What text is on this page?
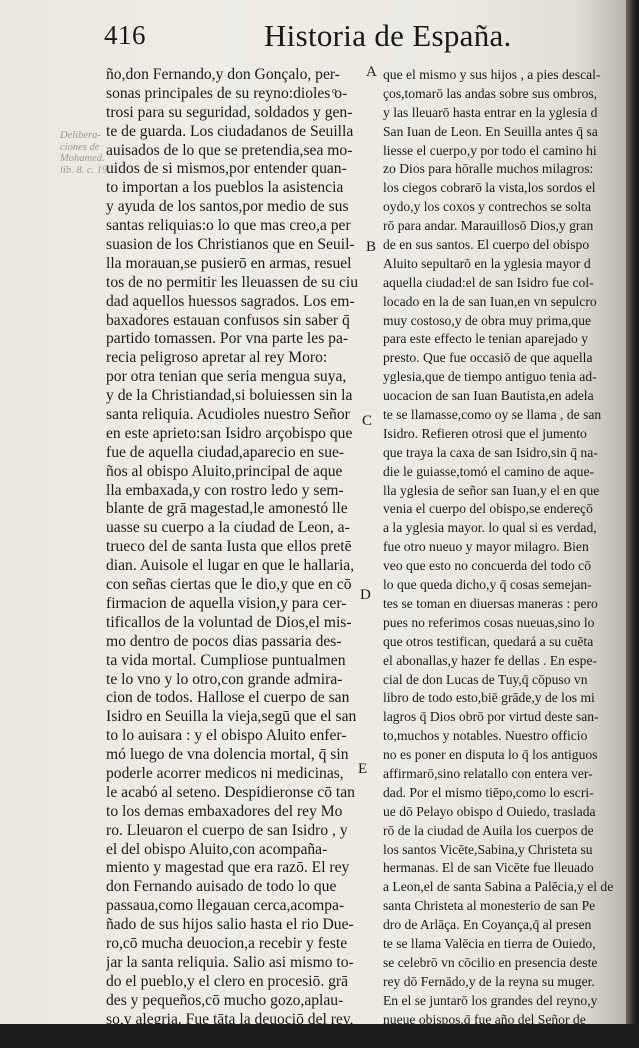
416	Historia de España.
Delibera-
ciones de
Mohamed.
lib. 8. c. 19.
ño,don Fernando,y don Gonçalo, per-
sonas principales de su reyno:dioles ͦo-
trosi para su seguridad, soldados y gen-
te de guarda. Los ciudadanos de Seuilla
auisados de lo que se pretendia,sea mo-
uidos de si mismos,por entender quan-
to importan a los pueblos la asistencia
y ayuda de los santos,por medio de sus
santas reliquias:o lo que mas creo,a per
suasion de los Christianos que en Seuil-
lla morauan,se pusierō en armas, resuel
tos de no permitir les lleuassen de su ciu
dad aquellos huessos sagrados. Los em-
baxadores estauan confusos sin saber q̄
partido tomassen. Por vna parte les pa-
recia peligroso apretar al rey Moro:
por otra tenian que seria mengua suya,
y de la Christiandad,si boluiessen sin la
santa reliquia. Acudioles nuestro Señor
en este aprieto:san Isidro arçobispo que
fue de aquella ciudad,aparecio en sue-
ños al obispo Aluito,principal de aque
lla embaxada,y con rostro ledo y sem-
blante de grā magestad,le amonestó lle
uasse su cuerpo a la ciudad de Leon, a-
trueco del de santa Iusta que ellos pretē
dian. Auisole el lugar en que le hallaria,
con señas ciertas que le dio,y que en cō
firmacion de aquella vision,y para cer-
tificallos de la voluntad de Dios,el mis-
mo dentro de pocos dias passaria des-
ta vida mortal. Cumpliose puntualmen
te lo vno y lo otro,con grande admira-
cion de todos. Hallose el cuerpo de san
Isidro en Seuilla la vieja,segū que el san
to lo auisara : y el obispo Aluito enfer-
mó luego de vna dolencia mortal, q̄ sin
poderle acorrer medicos ni medicinas,
le acabó al seteno. Despidieronse cō tan
to los demas embaxadores del rey Mo
ro. Lleuaron el cuerpo de san Isidro , y
el del obispo Aluito,con acompaña-
miento y magestad que era razō. El rey
don Fernando auisado de todo lo que
passaua,como llegauan cerca,acompa-
ñado de sus hijos salio hasta el rio Due-
ro,cō mucha deuocion,a recebir y feste
jar la santa reliquia. Salio asi mismo to-
do el pueblo,y el clero en procesiō. grā
des y pequeños,cō mucho gozo,aplau-
so,y alegria. Fue tāta la deuociō del rey,
A
B
C
D
E
que el mismo y sus hijos , a pies descal-
ços,tomarō las andas sobre sus ombros,
y las lleuarō hasta entrar en la yglesia d
San Iuan de Leon. En Seuilla antes q̄ sa
liesse el cuerpo,y por todo el camino hi
zo Dios para hōralle muchos milagros:
los ciegos cobrarō la vista,los sordos el
oydo,y los coxos y contrechos se solta
rō para andar. Marauillosō Dios,y gran
de en sus santos. El cuerpo del obispo
Aluito sepultarō en la yglesia mayor d
aquella ciudad:el de san Isidro fue col-
locado en la de san Iuan,en vn sepulcro
muy costoso,y de obra muy prima,que
para este effecto le tenian aparejado y
presto. Que fue occasiō de que aquella
yglesia,que de tiempo antiguo tenia ad-
uocacion de san Iuan Bautista,en adela
te se llamasse,como oy se llama , de san
Isidro. Refieren otrosi que el jumento
que traya la caxa de san Isidro,sin q̄ na-
die le guiasse,tomó el camino de aque-
lla yglesia de señor san Iuan,y el en que
venia el cuerpo del obispo,se endereçō
a la yglesia mayor. lo qual si es verdad,
fue otro nueuo y mayor milagro. Bien
veo que esto no concuerda del todo cō
lo que queda dicho,y q̄ cosas semejan-
tes se toman en diuersas maneras : pero
pues no referimos cosas nueuas,sino lo
que otros testifican, quedará a su cuēta
el abonallas,y hazer fe dellas . En espe-
cial de don Lucas de Tuy,q̄ cōpuso vn
libro de todo esto,biē grāde,y de los mi
lagros q̄ Dios obrō por virtud deste san-
to,muchos y notables. Nuestro officio
no es poner en disputa lo q̄ los antiguos
affirmarō,sino relatallo con entera ver-
dad. Por el mismo tiēpo,como lo escri-
ue dō Pelayo obispo d Ouiedo, traslada
rō de la ciudad de Auila los cuerpos de
los santos Vicēte,Sabina,y Christeta su
hermanas. El de san Vicēte fue lleuado
a Leon,el de santa Sabina a Palēcia,y el de
santa Christeta al monesterio de san Pe
dro de Arlāça. En Coyança,q̄ al presen
te se llama Valēcia en tierra de Ouiedo,
se celebrō vn cōcilio en presencia deste
rey dō Fernādo,y de la reyna su muger.
En el se juntarō los grandes del reyno,y
nueue obispos,q̄ fue año del Señor de
mil
